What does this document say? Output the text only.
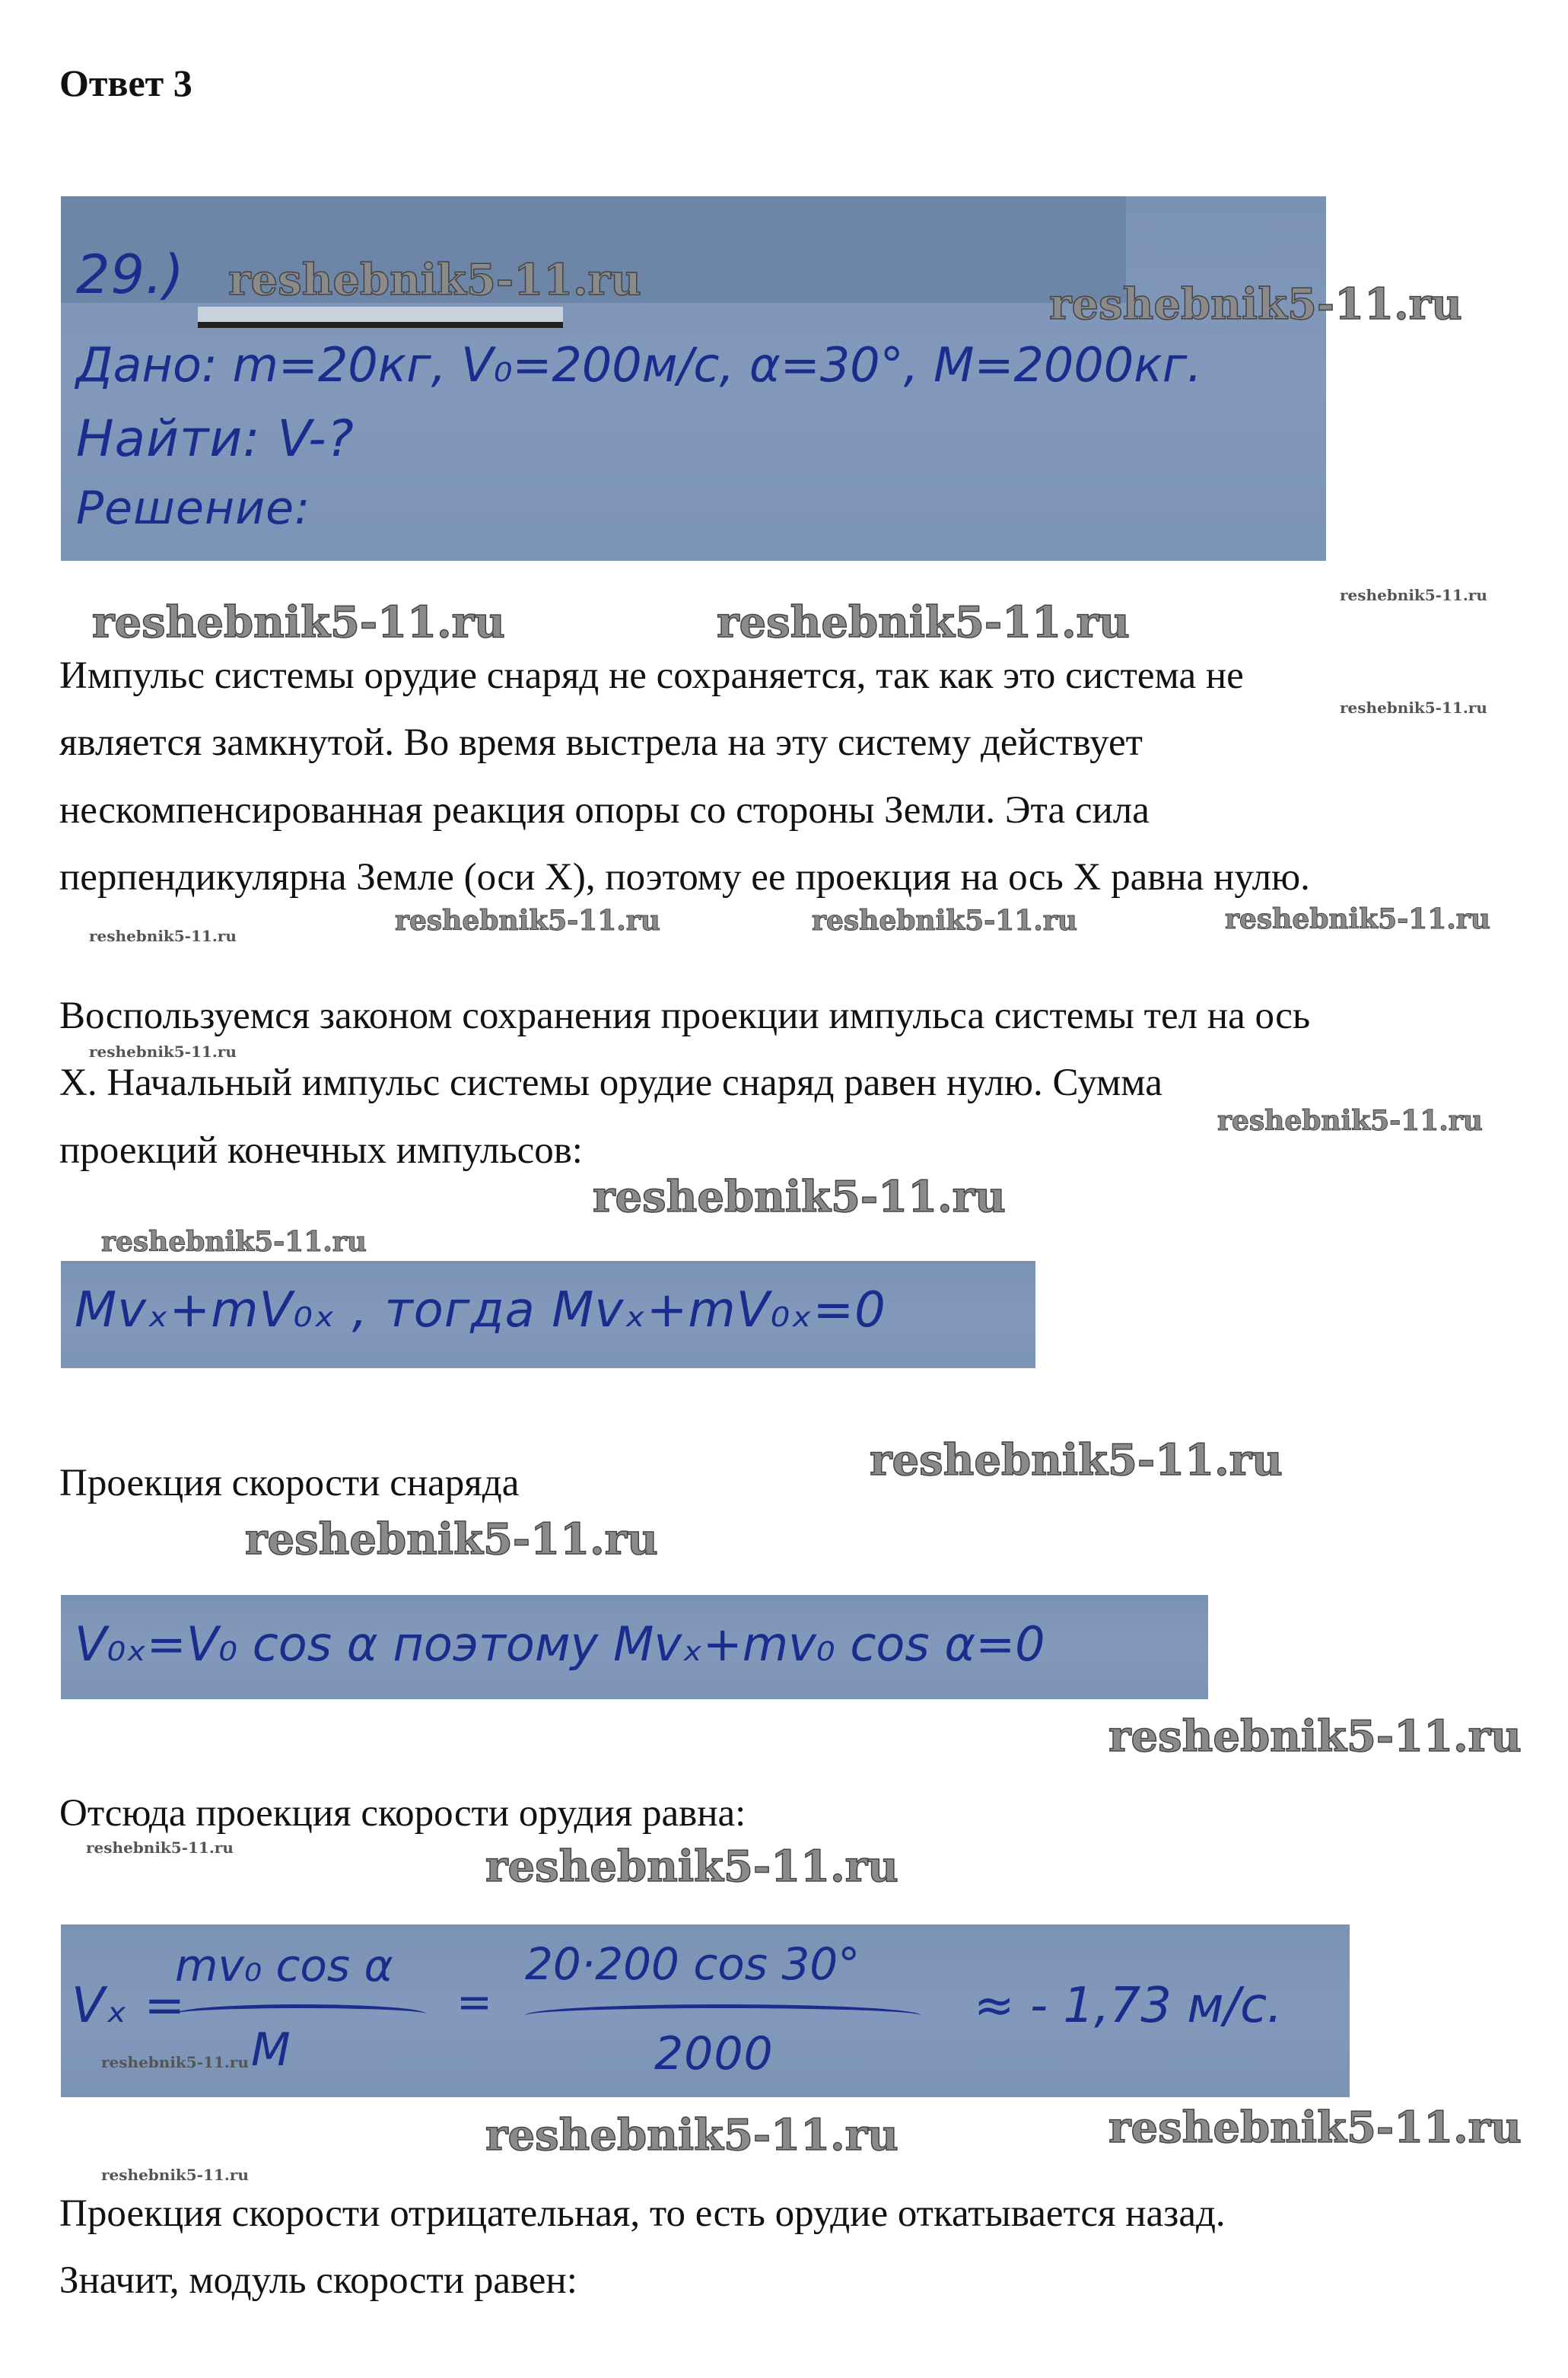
Ответ 3
29.)
Дано: m=20кг, V₀=200м/с, α=30°, M=2000кг.
Найти: V-?
Решение:
Импульс системы орудие снаряд не сохраняется, так как это система не
является замкнутой. Во время выстрела на эту систему действует
нескомпенсированная реакция опоры со стороны Земли. Эта сила
перпендикулярна Земле (оси X), поэтому ее проекция на ось X равна нулю.
Воспользуемся законом сохранения проекции импульса системы тел на ось
X. Начальный импульс системы орудие снаряд равен нулю. Сумма
проекций конечных импульсов:
Mvₓ+mV₀ₓ , тогда Mvₓ+mV₀ₓ=0
Проекция скорости снаряда
V₀ₓ=V₀ cos α поэтому Mvₓ+mv₀ cos α=0
Отсюда проекция скорости орудия равна:
Vₓ =
mv₀ cos α
M
=
20·200 cos 30°
2000
≈ - 1,73 м/с.
Проекция скорости отрицательная, то есть орудие откатывается назад.
Значит, модуль скорости равен:
reshebnik5-11.ru	reshebnik5-11.ru
reshebnik5-11.ru	reshebnik5-11.ru
reshebnik5-11.ru
reshebnik5-11.ru
reshebnik5-11.ru
reshebnik5-11.ru
reshebnik5-11.ru
reshebnik5-11.ru	reshebnik5-11.ru
reshebnik5-11.ru	reshebnik5-11.ru	reshebnik5-11.ru
reshebnik5-11.ru
reshebnik5-11.ru
reshebnik5-11.ru
reshebnik5-11.ru
reshebnik5-11.ru
reshebnik5-11.ru
reshebnik5-11.ru
reshebnik5-11.ru
reshebnik5-11.ru
